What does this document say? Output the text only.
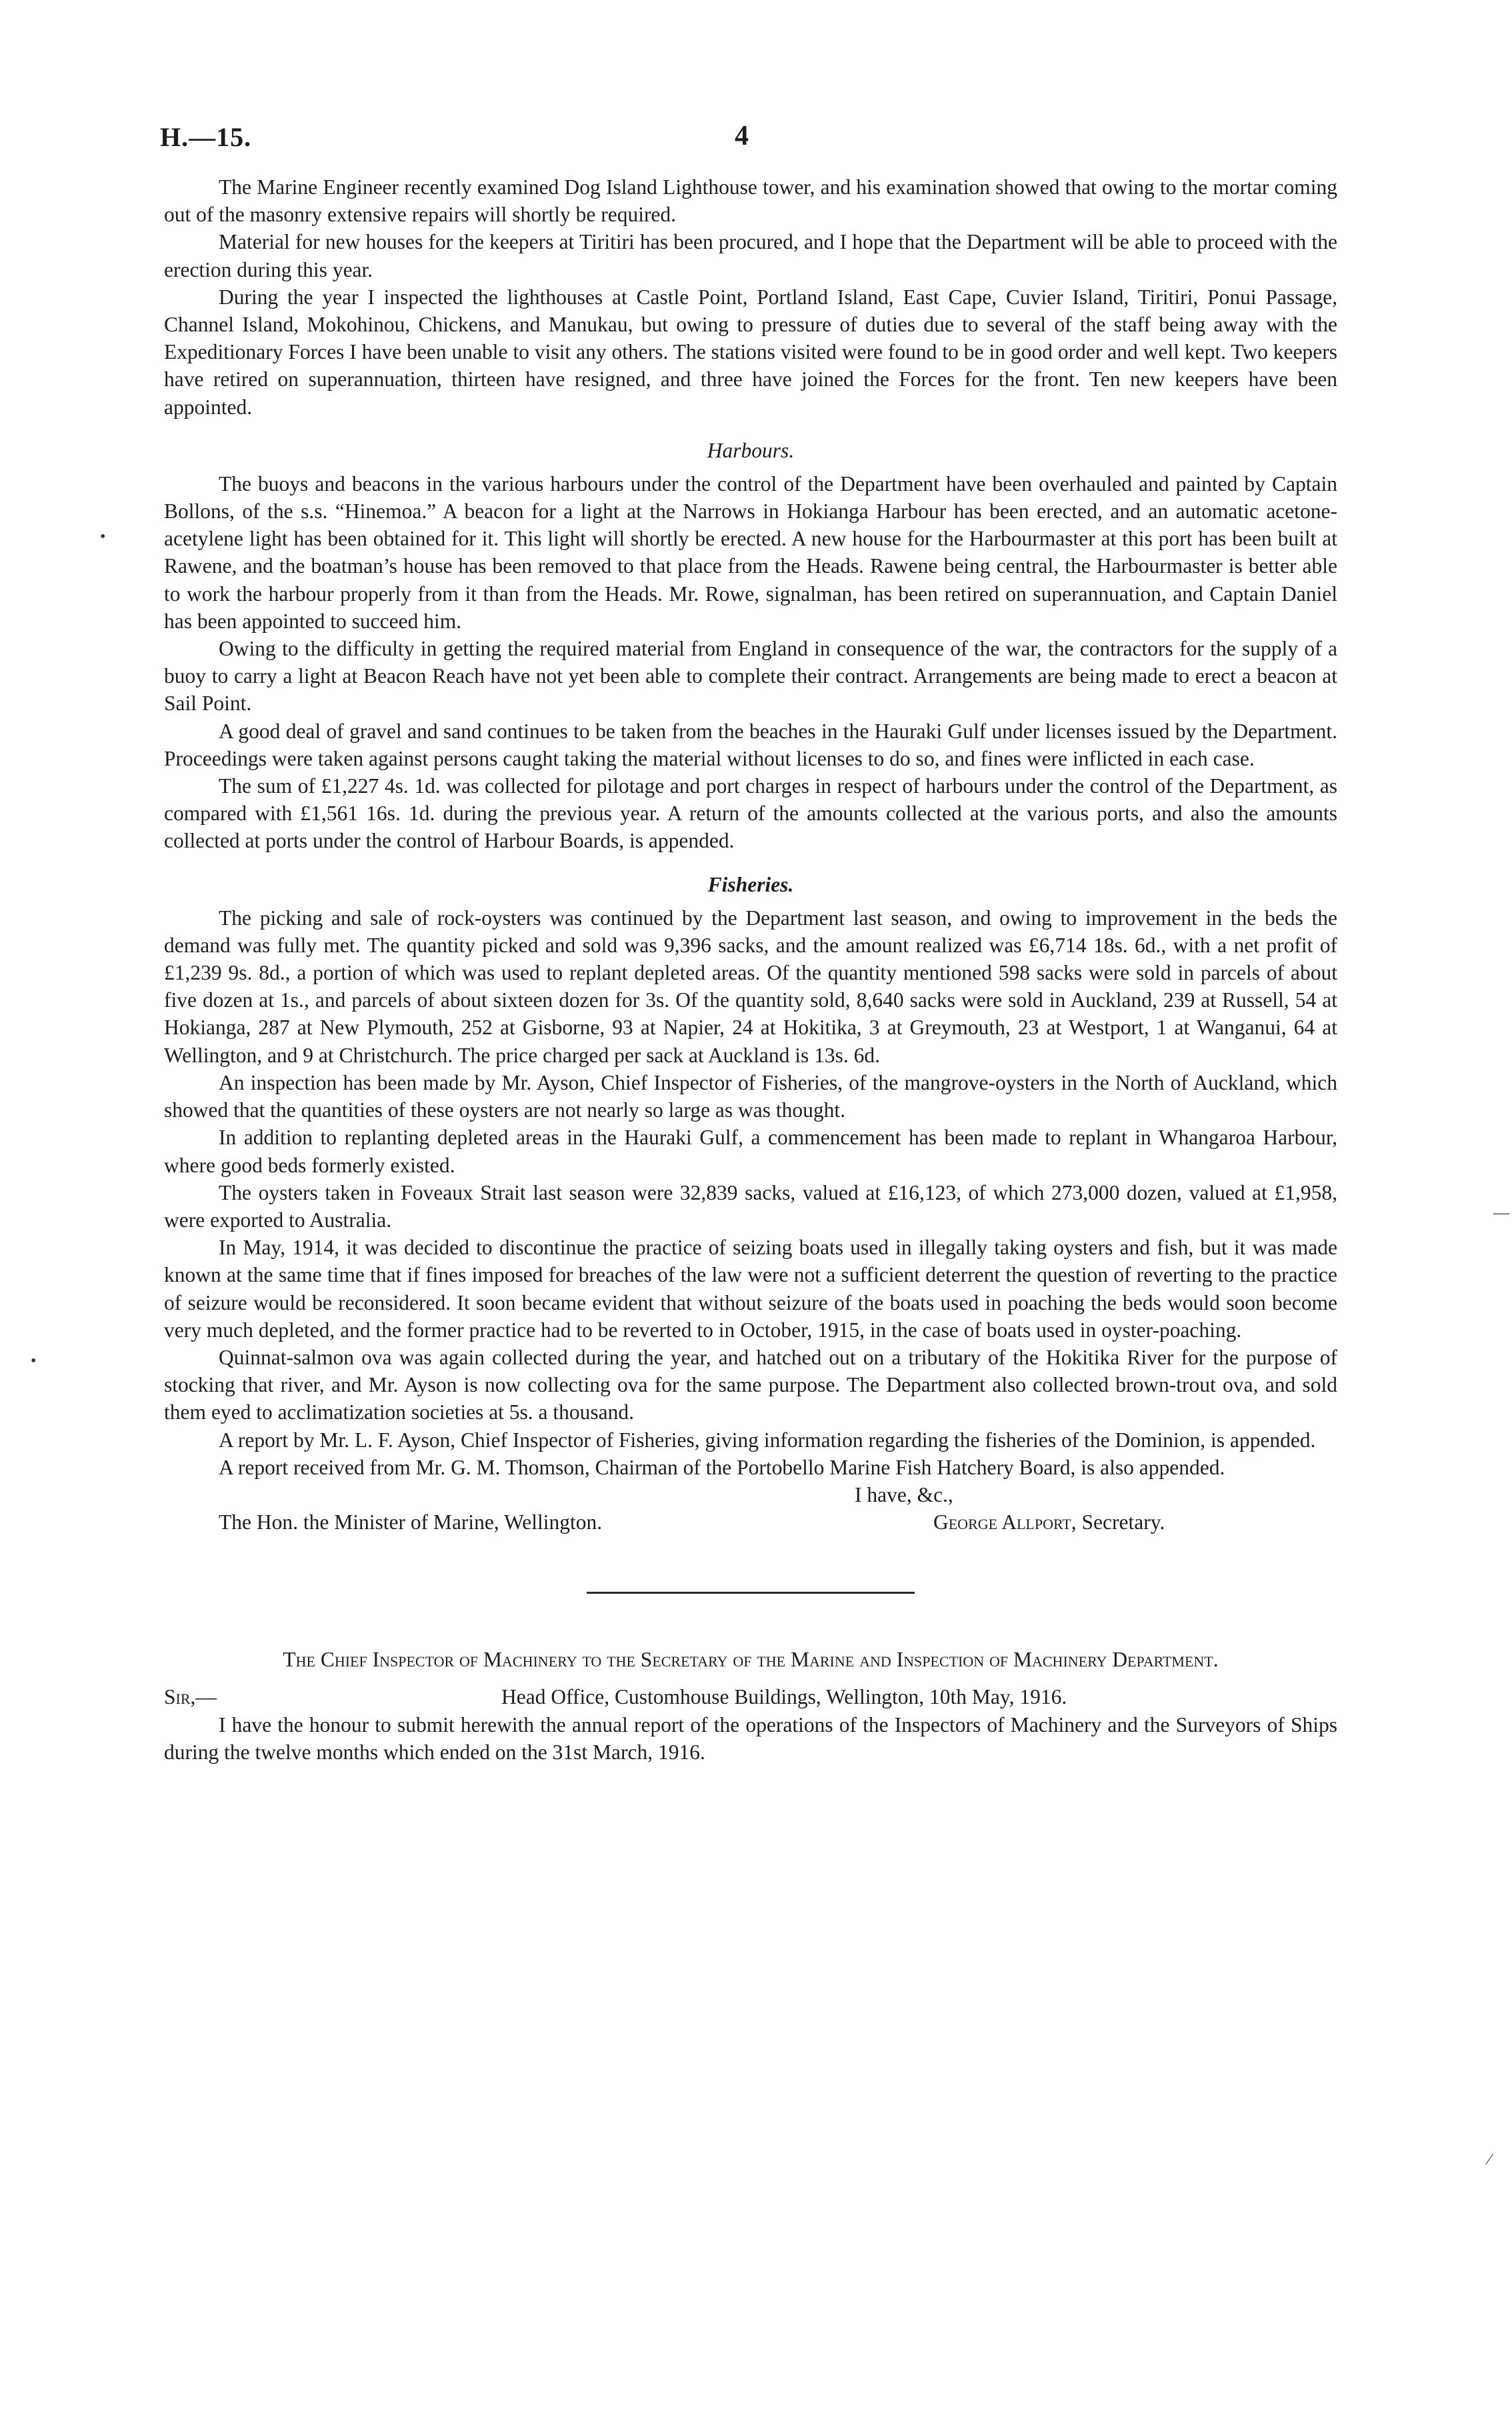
H.—15.	4

The Marine Engineer recently examined Dog Island Lighthouse tower, and his examination showed that owing to the mortar coming out of the masonry extensive repairs will shortly be required.

Material for new houses for the keepers at Tiritiri has been procured, and I hope that the Department will be able to proceed with the erection during this year.

During the year I inspected the lighthouses at Castle Point, Portland Island, East Cape, Cuvier Island, Tiritiri, Ponui Passage, Channel Island, Mokohinou, Chickens, and Manukau, but owing to pressure of duties due to several of the staff being away with the Expeditionary Forces I have been unable to visit any others. The stations visited were found to be in good order and well kept. Two keepers have retired on superannuation, thirteen have resigned, and three have joined the Forces for the front. Ten new keepers have been appointed.

Harbours.

The buoys and beacons in the various harbours under the control of the Department have been overhauled and painted by Captain Bollons, of the s.s. “Hinemoa.” A beacon for a light at the Narrows in Hokianga Harbour has been erected, and an automatic acetone-acetylene light has been obtained for it. This light will shortly be erected. A new house for the Harbourmaster at this port has been built at Rawene, and the boatman’s house has been removed to that place from the Heads. Rawene being central, the Harbourmaster is better able to work the harbour properly from it than from the Heads. Mr. Rowe, signalman, has been retired on superannuation, and Captain Daniel has been appointed to succeed him.

Owing to the difficulty in getting the required material from England in consequence of the war, the contractors for the supply of a buoy to carry a light at Beacon Reach have not yet been able to complete their contract. Arrangements are being made to erect a beacon at Sail Point.

A good deal of gravel and sand continues to be taken from the beaches in the Hauraki Gulf under licenses issued by the Department. Proceedings were taken against persons caught taking the material without licenses to do so, and fines were inflicted in each case.

The sum of £1,227 4s. 1d. was collected for pilotage and port charges in respect of harbours under the control of the Department, as compared with £1,561 16s. 1d. during the previous year. A return of the amounts collected at the various ports, and also the amounts collected at ports under the control of Harbour Boards, is appended.

Fisheries.

The picking and sale of rock-oysters was continued by the Department last season, and owing to improvement in the beds the demand was fully met. The quantity picked and sold was 9,396 sacks, and the amount realized was £6,714 18s. 6d., with a net profit of £1,239 9s. 8d., a portion of which was used to replant depleted areas. Of the quantity mentioned 598 sacks were sold in parcels of about five dozen at 1s., and parcels of about sixteen dozen for 3s. Of the quantity sold, 8,640 sacks were sold in Auckland, 239 at Russell, 54 at Hokianga, 287 at New Plymouth, 252 at Gisborne, 93 at Napier, 24 at Hokitika, 3 at Greymouth, 23 at Westport, 1 at Wanganui, 64 at Wellington, and 9 at Christchurch. The price charged per sack at Auckland is 13s. 6d.

An inspection has been made by Mr. Ayson, Chief Inspector of Fisheries, of the mangrove-oysters in the North of Auckland, which showed that the quantities of these oysters are not nearly so large as was thought.

In addition to replanting depleted areas in the Hauraki Gulf, a commencement has been made to replant in Whangaroa Harbour, where good beds formerly existed.

The oysters taken in Foveaux Strait last season were 32,839 sacks, valued at £16,123, of which 273,000 dozen, valued at £1,958, were exported to Australia.

In May, 1914, it was decided to discontinue the practice of seizing boats used in illegally taking oysters and fish, but it was made known at the same time that if fines imposed for breaches of the law were not a sufficient deterrent the question of reverting to the practice of seizure would be reconsidered. It soon became evident that without seizure of the boats used in poaching the beds would soon become very much depleted, and the former practice had to be reverted to in October, 1915, in the case of boats used in oyster-poaching.

Quinnat-salmon ova was again collected during the year, and hatched out on a tributary of the Hokitika River for the purpose of stocking that river, and Mr. Ayson is now collecting ova for the same purpose. The Department also collected brown-trout ova, and sold them eyed to acclimatization societies at 5s. a thousand.

A report by Mr. L. F. Ayson, Chief Inspector of Fisheries, giving information regarding the fisheries of the Dominion, is appended.

A report received from Mr. G. M. Thomson, Chairman of the Portobello Marine Fish Hatchery Board, is also appended.

I have, &c.,
The Hon. the Minister of Marine, Wellington.	George Allport, Secretary.
The Chief Inspector of Machinery to the Secretary of the Marine and Inspection of Machinery Department.
Sir,—	Head Office, Customhouse Buildings, Wellington, 10th May, 1916.

I have the honour to submit herewith the annual report of the operations of the Inspectors of Machinery and the Surveyors of Ships during the twelve months which ended on the 31st March, 1916.

•
•
—
⁄
